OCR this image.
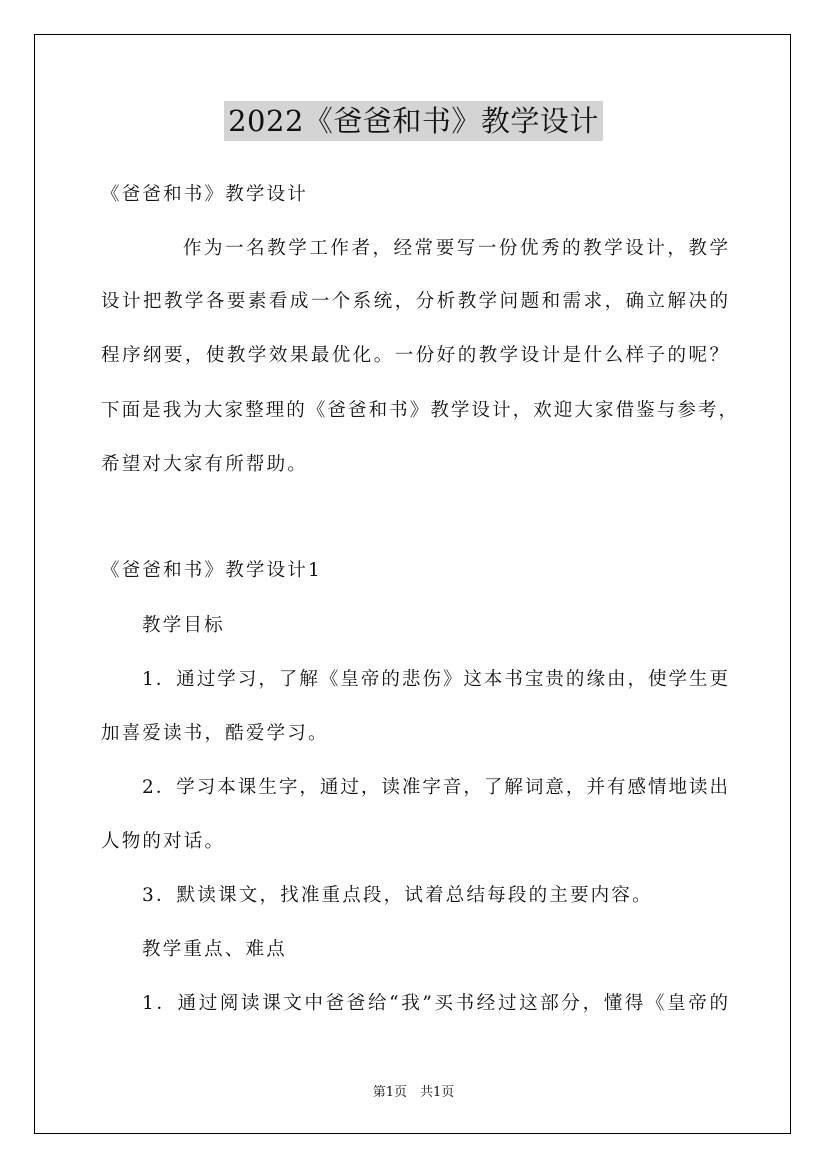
2022《爸爸和书》教学设计
《爸爸和书》教学设计
作为一名教学工作者，经常要写一份优秀的教学设计，教学
设计把教学各要素看成一个系统，分析教学问题和需求，确立解决的
程序纲要，使教学效果最优化。一份好的教学设计是什么样子的呢？
下面是我为大家整理的《爸爸和书》教学设计，欢迎大家借鉴与参考，
希望对大家有所帮助。
《爸爸和书》教学设计1
教学目标
1．通过学习，了解《皇帝的悲伤》这本书宝贵的缘由，使学生更
加喜爱读书，酷爱学习。
2．学习本课生字，通过，读准字音，了解词意，并有感情地读出
人物的对话。
3．默读课文，找准重点段，试着总结每段的主要内容。
教学重点、难点
1．通过阅读课文中爸爸给“我”买书经过这部分，懂得《皇帝的
第1页　共1页
